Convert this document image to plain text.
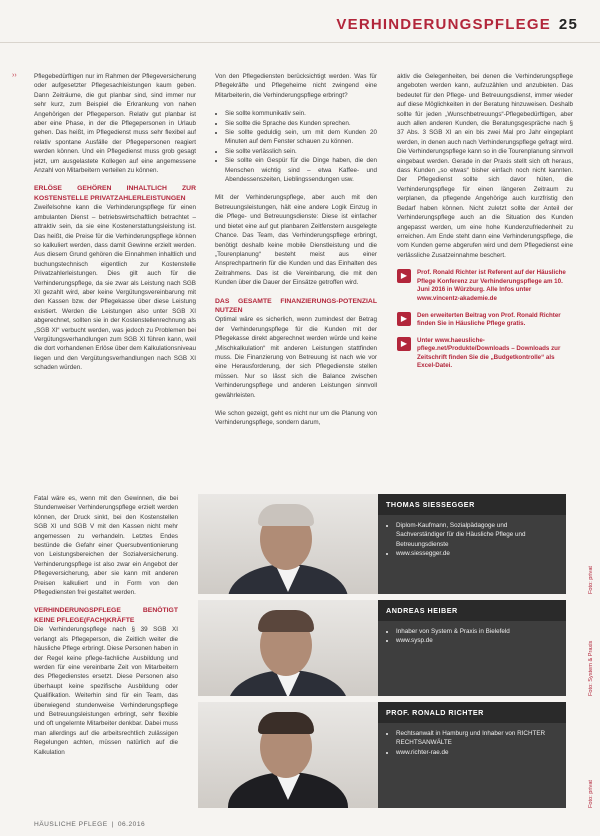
VERHINDERUNGSPFLEGE 25
››	Pflegebedürftigen nur im Rahmen der Pflegeversicherung oder aufgesetzter Pflegesachleistungen kaum geben. Dann Zeiträume, die gut planbar sind, sind immer nur sehr kurz, zum Beispiel die Erkrankung von nahen Angehörigen der Pflegeperson. Relativ gut planbar ist aber eine Phase, in der die Pflegepersonen in Urlaub gehen. Das heißt, im Pflegedienst muss sehr flexibel auf relativ spontane Ausfälle der Pflegepersonen reagiert werden können. Und ein Pflegedienst muss grob gesagt jetzt, um ausgelastete Kollegen auf eine angemessene Anzahl von Mitarbeitern verteilen zu können.

ERLÖSE GEHÖREN INHALTLICH ZUR KOSTENSTELLE PRIVATZAHLERLEISTUNGEN

Zweifelsohne kann die Verhinderungspflege für einen ambulanten Dienst – betriebswirtschaftlich betrachtet – attraktiv sein, da sie eine Kostenerstattungsleistung ist. Das heißt, die Preise für die Verhinderungspflege können so kalkuliert werden, dass damit Gewinne erzielt werden. Aus diesem Grund gehören die Einnahmen inhaltlich und buchungstechnisch eigentlich zur Kostenstelle Privatzahlerleistungen. Dies gilt auch für die Verhinderungspflege, da sie zwar als Leistung nach SGB XI gezahlt wird, aber keine Vergütungsvereinbarung mit den Kassen bzw. der Pflegekasse über diese Leistung existiert. Werden die Leistungen also unter SGB XI abgerechnet, sollten sie in der Kostenstellenrechnung als „SGB XI“ verbucht werden, was jedoch zu Problemen bei Vergütungsverhandlungen zum SGB XI führen kann, weil die dort vorhandenen Erlöse über dem Kalkulationsniveau liegen und den Vergütungsverhandlungen nach SGB XI schaden würden.

Von den Pflegediensten berücksichtigt werden. Was für Pflegekräfte und Pflegeheime nicht zwingend eine Mitarbeiterin, die Verhinderungspflege erbringt?

• Sie sollte kommunikativ sein.
• Sie sollte die Sprache des Kunden sprechen.
• Sie sollte geduldig sein, um mit dem Kunden 20 Minuten auf dem Fenster schauen zu können.
• Sie sollte verlässlich sein.
• Sie sollte ein Gespür für die Dinge haben, die den Menschen wichtig sind – etwa Kaffee- und Abendessenszeiten, Lieblingssendungen usw.

Mit der Verhinderungspflege, aber auch mit den Betreuungsleistungen, hält eine andere Logik Einzug in die Pflege- und Betreuungsdienste: Diese ist einfacher und bietet eine auf gut planbaren Zeitfenstern ausgelegte Chance. Das Team, das Verhinderungspflege erbringt, benötigt deshalb keine mobile Dienstleistung und die „Tourenplanung“ besteht meist aus einer Ansprechpartnerin für die Kunden und das Einhalten des Zeitrahmens. Das ist die Vereinbarung, die mit den Kunden über die Dauer der Einsätze getroffen wird.

DAS GESAMTE FINANZIERUNGS-POTENZIAL NUTZEN

Optimal wäre es sicherlich, wenn zumindest der Betrag der Verhinderungspflege für die Kunden mit der Pflegekasse direkt abgerechnet werden würde und keine „Mischkalkulation“ mit anderen Leistungen stattfinden muss. Die Finanzierung von Betreuung ist nach wie vor eine Herausforderung, der sich Pflegedienste stellen müssen. Nur so lässt sich die Balance zwischen Verhinderungspflege und anderen Leistungen sinnvoll gewährleisten.

Wie schon gezeigt, geht es nicht nur um die Planung von Verhinderungspflege, sondern darum,

aktiv die Gelegenheiten, bei denen die Verhinderungspflege angeboten werden kann, aufzuzählen und anzubieten. Das bedeutet für den Pflege- und Betreuungsdienst, immer wieder auf diese Möglichkeiten in der Beratung hinzuweisen. Deshalb sollte für jeden „Wunschbetreuungs“-Pflegebedürftigen, aber auch allen anderen Kunden, die Beratungsgespräche nach § 37 Abs. 3 SGB XI an ein bis zwei Mal pro Jahr eingeplant werden, in denen auch nach Verhinderungspflege gefragt wird. Die Verhinderungspflege kann so in die Tourenplanung sinnvoll eingebaut werden. Gerade in der Praxis stellt sich oft heraus, dass Kunden „so etwas“ bisher einfach noch nicht kannten. Der Pflegedienst sollte sich davor hüten, die Verhinderungspflege für einen längeren Zeitraum zu verplanen, da pflegende Angehörige auch kurzfristig den Bedarf haben können. Nicht zuletzt sollte der Anteil der Verhinderungspflege auch an die Situation des Kunden angepasst werden, um eine hohe Kundenzufriedenheit zu erreichen. Am Ende steht dann eine Verhinderungspflege, die vom Kunden gerne abgerufen wird und dem Pflegedienst eine verlässliche Zusatzeinnahme beschert.

▶	Prof. Ronald Richter ist Referent auf der Häusliche Pflege Konferenz zur Verhinderungspflege am 10. Juni 2016 in Würzburg. Alle Infos unter www.vincentz-akademie.de
▶	Den erweiterten Beitrag von Prof. Ronald Richter finden Sie in Häusliche Pflege gratis.
▶	Unter www.haeusliche-pflege.net/Produkte/Downloads – Downloads zur Zeitschrift finden Sie die „Budgetkontrolle“ als Excel-Datei.

Fatal wäre es, wenn mit den Gewinnen, die bei Stundenweiser Verhinderungspflege erzielt werden können, der Druck sinkt, bei den Kostenstellen SGB XI und SGB V mit den Kassen nicht mehr angemessen zu verhandeln. Letztes Endes bestünde die Gefahr einer Quersubventionierung von Leistungsbereichen der Sozialversicherung. Verhinderungspflege ist also zwar ein Angebot der Pflegeversicherung, aber sie kann mit anderen Preisen kalkuliert und in Form von den Pflegediensten frei gestaltet werden.

VERHINDERUNGSPFLEGE BENÖTIGT KEINE PFLEGE(FACH)KRÄFTE

Die Verhinderungspflege nach § 39 SGB XI verlangt als Pflegeperson, die Zeitlich weiter die häusliche Pflege erbringt. Diese Personen haben in der Regel keine pflege-fachliche Ausbildung und werden für eine vereinbarte Zeit von Mitarbeitern des Pflegedienstes ersetzt. Diese Personen also überhaupt keine spezifische Ausbildung oder Qualifikation. Weiterhin sind für ein Team, das überwiegend stundenweise Verhinderungspflege und Betreuungsleistungen erbringt, sehr flexible und oft ungelernte Mitarbeiter denkbar. Dabei muss man allerdings auf die arbeitsrechtlich zulässigen Regelungen achten, müssen natürlich auf die Kalkulation

THOMAS SIESSEGGER
• Diplom-Kaufmann, Sozialpädagoge und Sachverständiger für die Häusliche Pflege und Betreuungsdienste
• www.siessegger.de
Foto: privat
ANDREAS HEIBER
• Inhaber von System & Praxis in Bielefeld
• www.sysp.de	Foto: System & Praxis
PROF. RONALD RICHTER
• Rechtsanwalt in Hamburg und Inhaber von RICHTER RECHTSANWÄLTE
• www.richter-rae.de
Foto: privat
HÄUSLICHE PFLEGE | 06.2016
